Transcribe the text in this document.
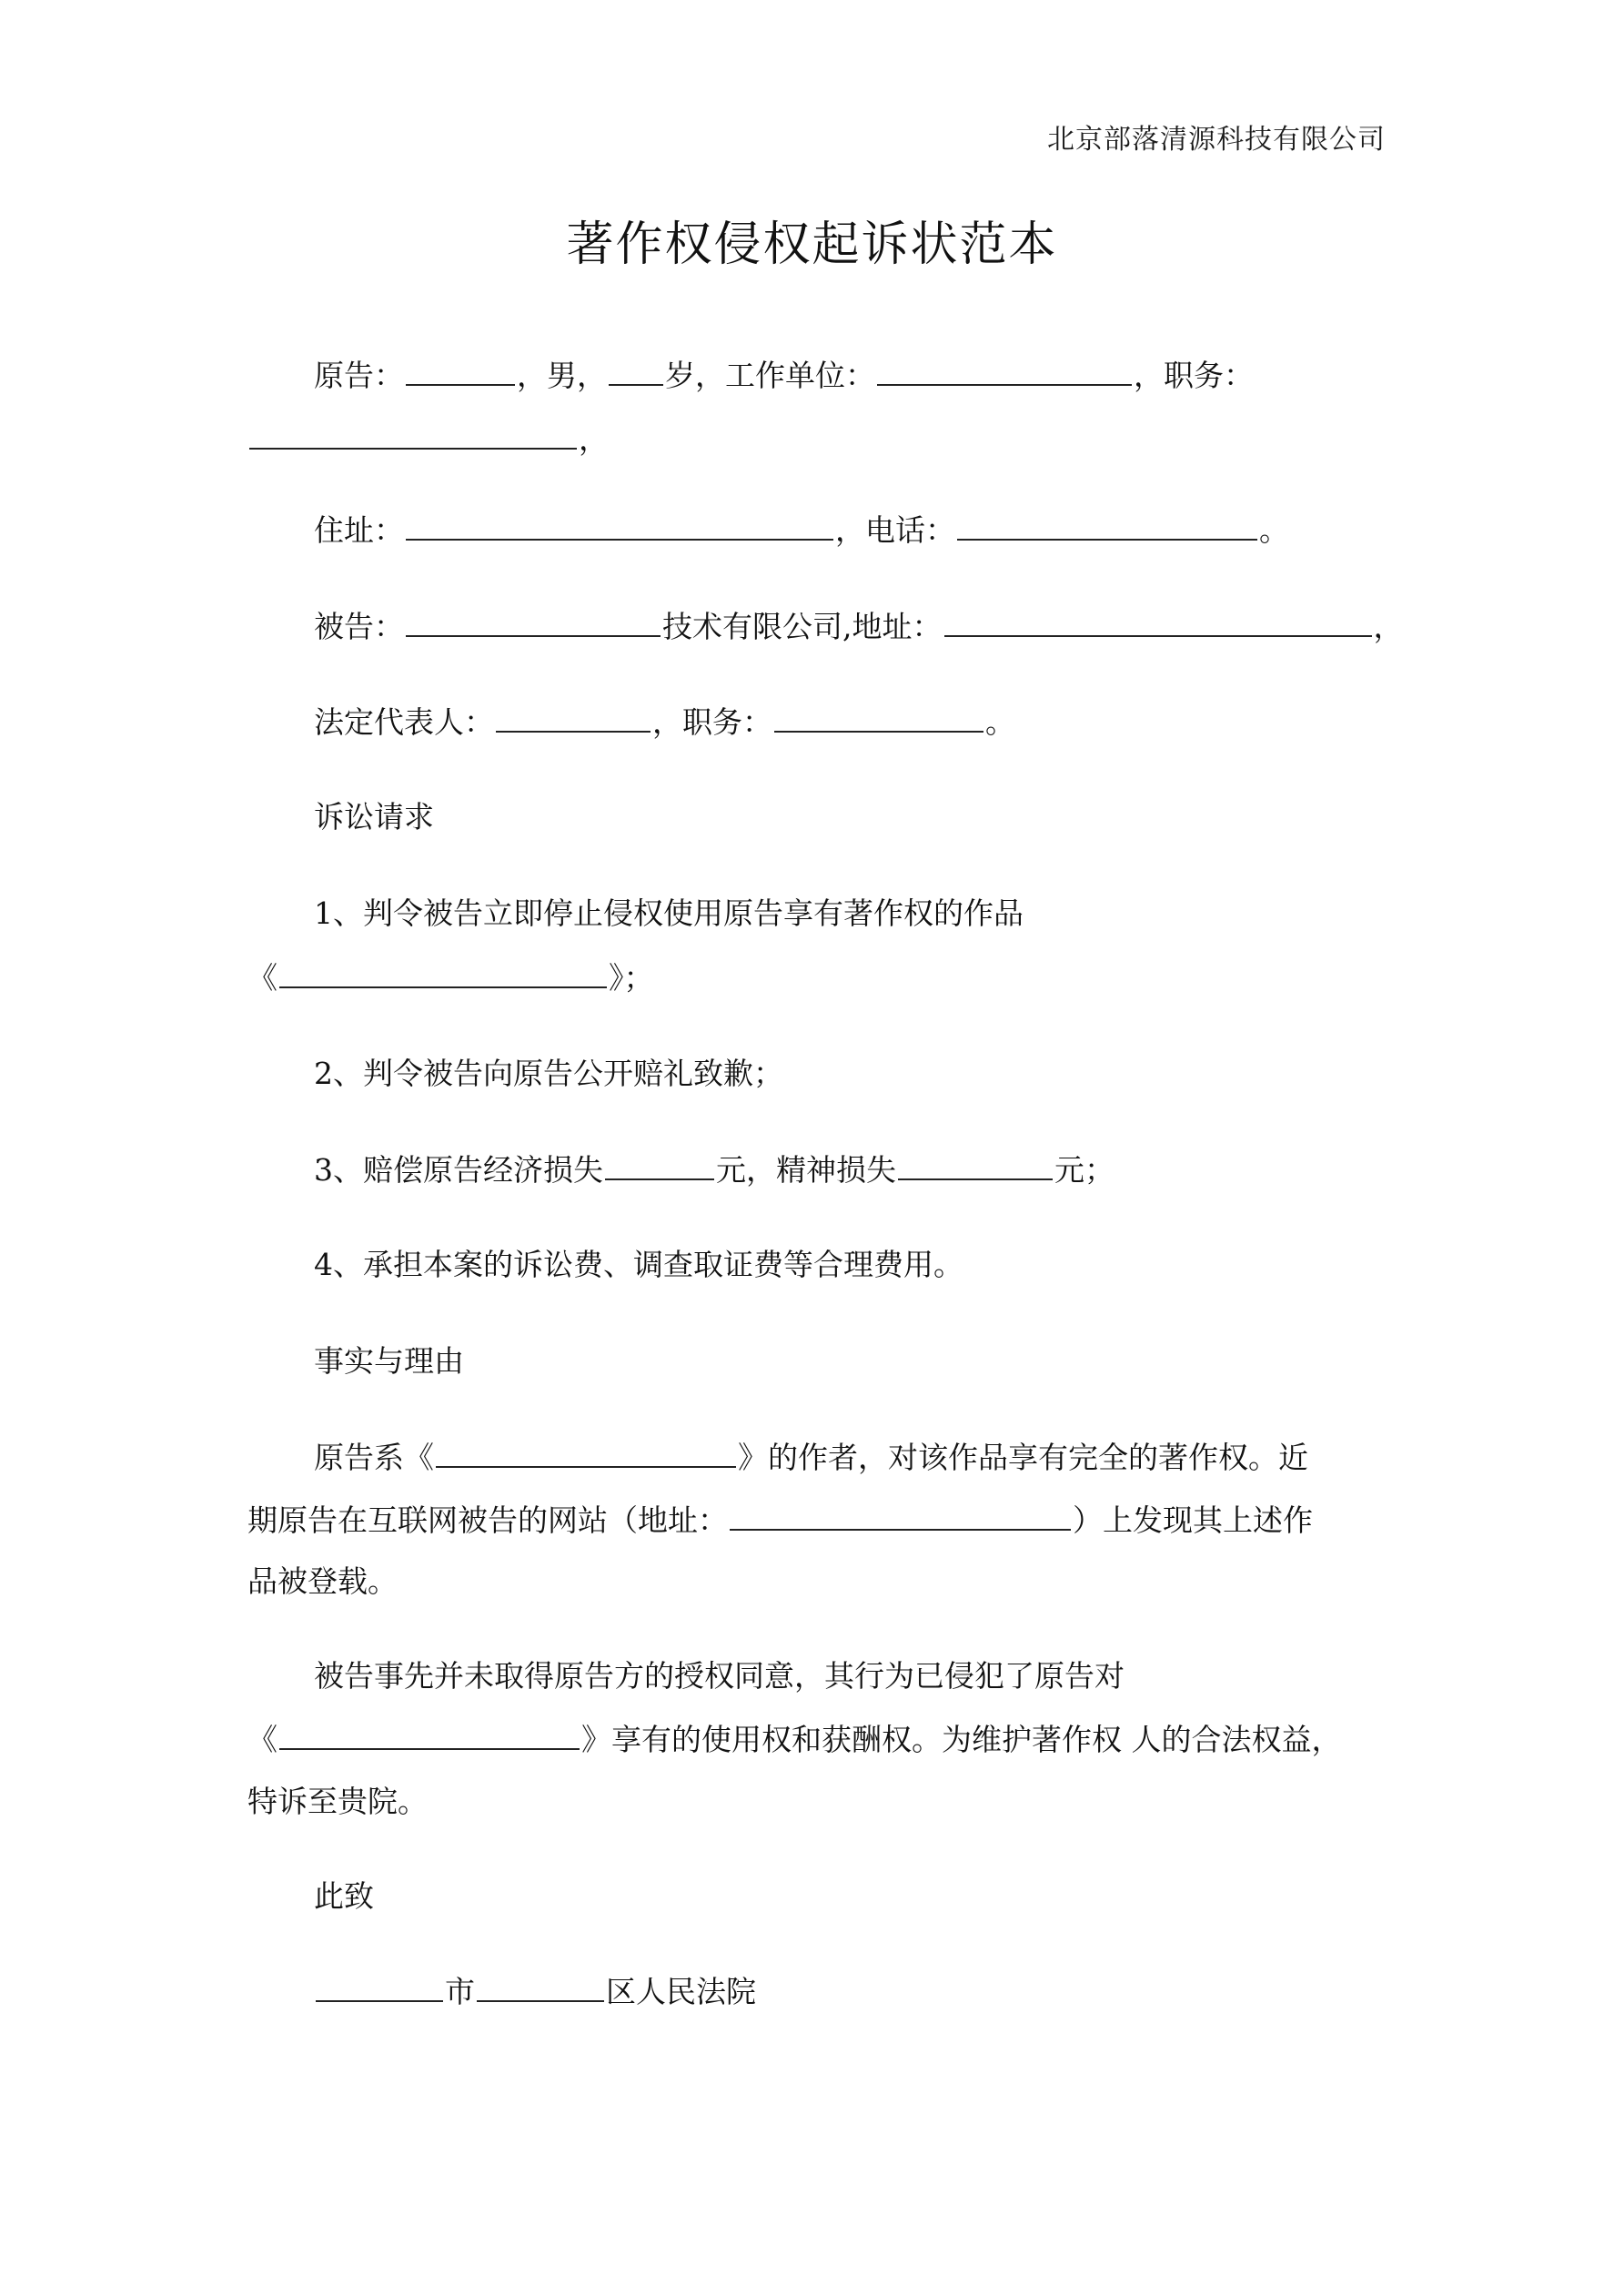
北京部落清源科技有限公司
著作权侵权起诉状范本
原告：	，男， 岁，工作单位：	，职务：
，
住址：	，电话：	。
被告：	技术有限公司,地址：	，
法定代表人：	，职务：	。
诉讼请求
1、判令被告立即停止侵权使用原告享有著作权的作品
《	》；
2、判令被告向原告公开赔礼致歉；
3、赔偿原告经济损失	元，精神损失	元；
4、承担本案的诉讼费、调查取证费等合理费用。
事实与理由
原告系《	》的作者，对该作品享有完全的著作权。近
期原告在互联网被告的网站（地址：	）上发现其上述作
品被登载。
被告事先并未取得原告方的授权同意，其行为已侵犯了原告对
《	》享有的使用权和获酬权。为维护著作权 人的合法权益，
特诉至贵院。
此致
市	区人民法院
